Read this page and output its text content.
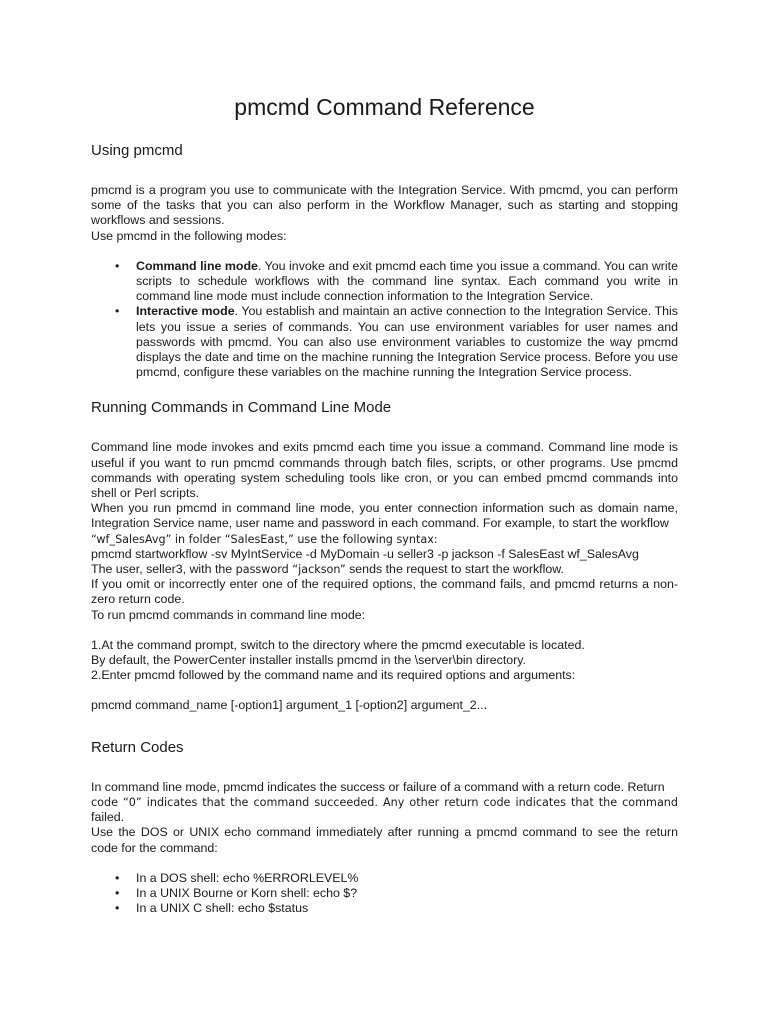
pmcmd Command Reference
Using pmcmd

pmcmd is a program you use to communicate with the Integration Service. With pmcmd, you can perform some of the tasks that you can also perform in the Workflow Manager, such as starting and stopping workflows and sessions.

Use pmcmd in the following modes:

• Command line mode. You invoke and exit pmcmd each time you issue a command. You can write scripts to schedule workflows with the command line syntax. Each command you write in command line mode must include connection information to the Integration Service.
• Interactive mode. You establish and maintain an active connection to the Integration Service. This lets you issue a series of commands. You can use environment variables for user names and passwords with pmcmd. You can also use environment variables to customize the way pmcmd displays the date and time on the machine running the Integration Service process. Before you use pmcmd, configure these variables on the machine running the Integration Service process.
Running Commands in Command Line Mode

Command line mode invokes and exits pmcmd each time you issue a command. Command line mode is useful if you want to run pmcmd commands through batch files, scripts, or other programs. Use pmcmd commands with operating system scheduling tools like cron, or you can embed pmcmd commands into shell or Perl scripts.

When you run pmcmd in command line mode, you enter connection information such as domain name, Integration Service name, user name and password in each command. For example, to start the workflow

“wf_SalesAvg” in folder “SalesEast,” use the following syntax:

pmcmd startworkflow -sv MyIntService -d MyDomain -u seller3 -p jackson -f SalesEast wf_SalesAvg

The user, seller3, with the password “jackson” sends the request to start the workflow.

If you omit or incorrectly enter one of the required options, the command fails, and pmcmd returns a non-zero return code.

To run pmcmd commands in command line mode:

1.At the command prompt, switch to the directory where the pmcmd executable is located.

By default, the PowerCenter installer installs pmcmd in the \server\bin directory.

2.Enter pmcmd followed by the command name and its required options and arguments:

pmcmd command_name [-option1] argument_1 [-option2] argument_2...

Return Codes

In command line mode, pmcmd indicates the success or failure of a command with a return code. Return

code “0” indicates that the command succeeded. Any other return code indicates that the command

failed.

Use the DOS or UNIX echo command immediately after running a pmcmd command to see the return code for the command:

• In a DOS shell: echo %ERRORLEVEL%
• In a UNIX Bourne or Korn shell: echo $?
• In a UNIX C shell: echo $status
